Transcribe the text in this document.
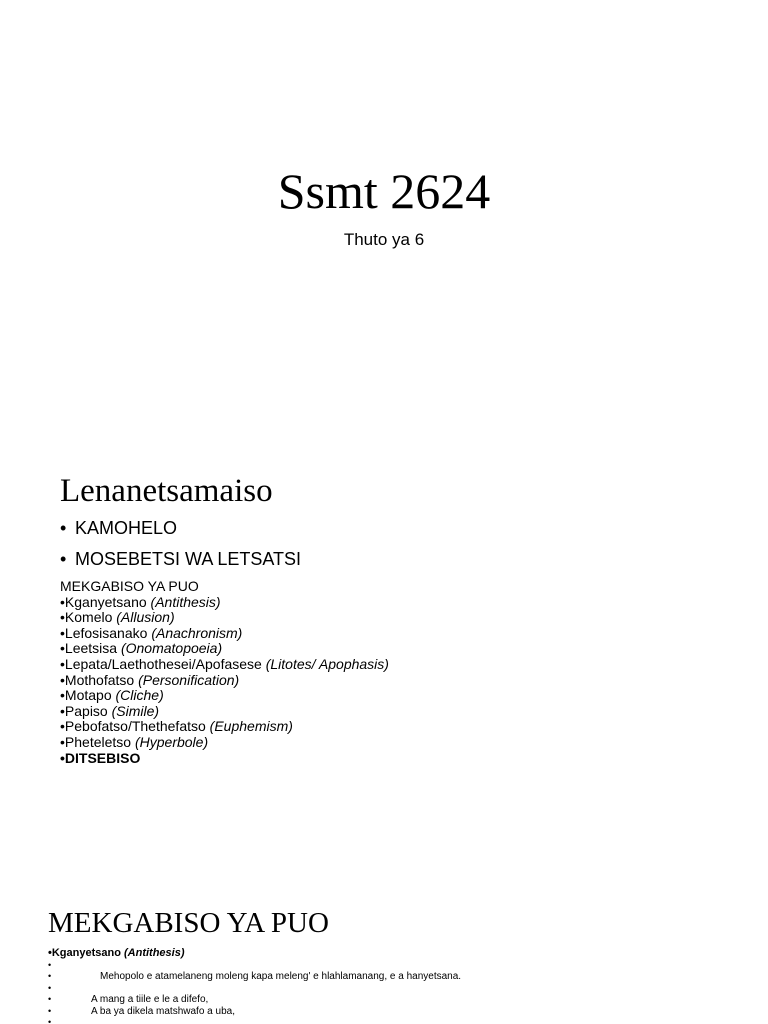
Ssmt 2624
Thuto ya 6
Lenanetsamaiso
• KAMOHELO
• MOSEBETSI WA LETSATSI
MEKGABISO YA PUO
• Kganyetsano (Antithesis)
• Komelo (Allusion)
• Lefosisanako (Anachronism)
• Leetsisa (Onomatopoeia)
• Lepata/Laethothesei/Apofasese (Litotes/ Apophasis)
• Mothofatso (Personification)
• Motapo (Cliche)
• Papiso (Simile)
• Pebofatso/Thethefatso (Euphemism)
• Pheteletso (Hyperbole)
• DITSEBISO
MEKGABISO YA PUO
• Kganyetsano (Antithesis)
•
• Mehopolo e atamelaneng moleng kapa meleng' e hlahlamanang, e a hanyetsana.
•
• A mang a tiile e le a difefo,
• A ba ya dikela matshwafo a uba,
•
